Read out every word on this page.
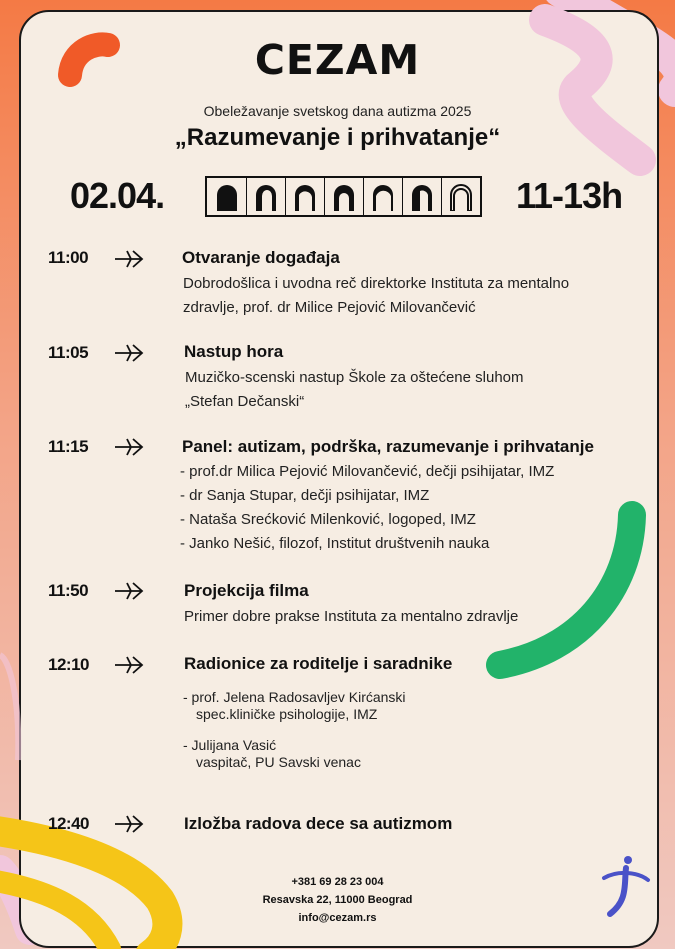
CEZAM
Obeležavanje svetskog dana autizma 2025
„Razumevanje i prihvatanje“
02.04.	11-13h
11:00	Otvaranje događaja
Dobrodošlica i uvodna reč direktorke Instituta za mentalno
zdravlje, prof. dr Milice Pejović Milovančević
11:05	Nastup hora
Muzičko-scenski nastup Škole za oštećene sluhom
„Stefan Dečanski“
11:15	Panel: autizam, podrška, razumevanje i prihvatanje
- prof.dr Milica Pejović Milovančević, dečji psihijatar, IMZ
- dr Sanja Stupar, dečji psihijatar, IMZ
- Nataša Srećković Milenković, logoped, IMZ
- Janko Nešić, filozof, Institut društvenih nauka
11:50	Projekcija filma
Primer dobre prakse Instituta za mentalno zdravlje
12:10	Radionice za roditelje i saradnike
- prof. Jelena Radosavljev Kirćanski
spec.kliničke psihologije, IMZ
- Julijana Vasić
vaspitač, PU Savski venac
12:40	Izložba radova dece sa autizmom
+381 69 28 23 004
Resavska 22, 11000 Beograd
info@cezam.rs
